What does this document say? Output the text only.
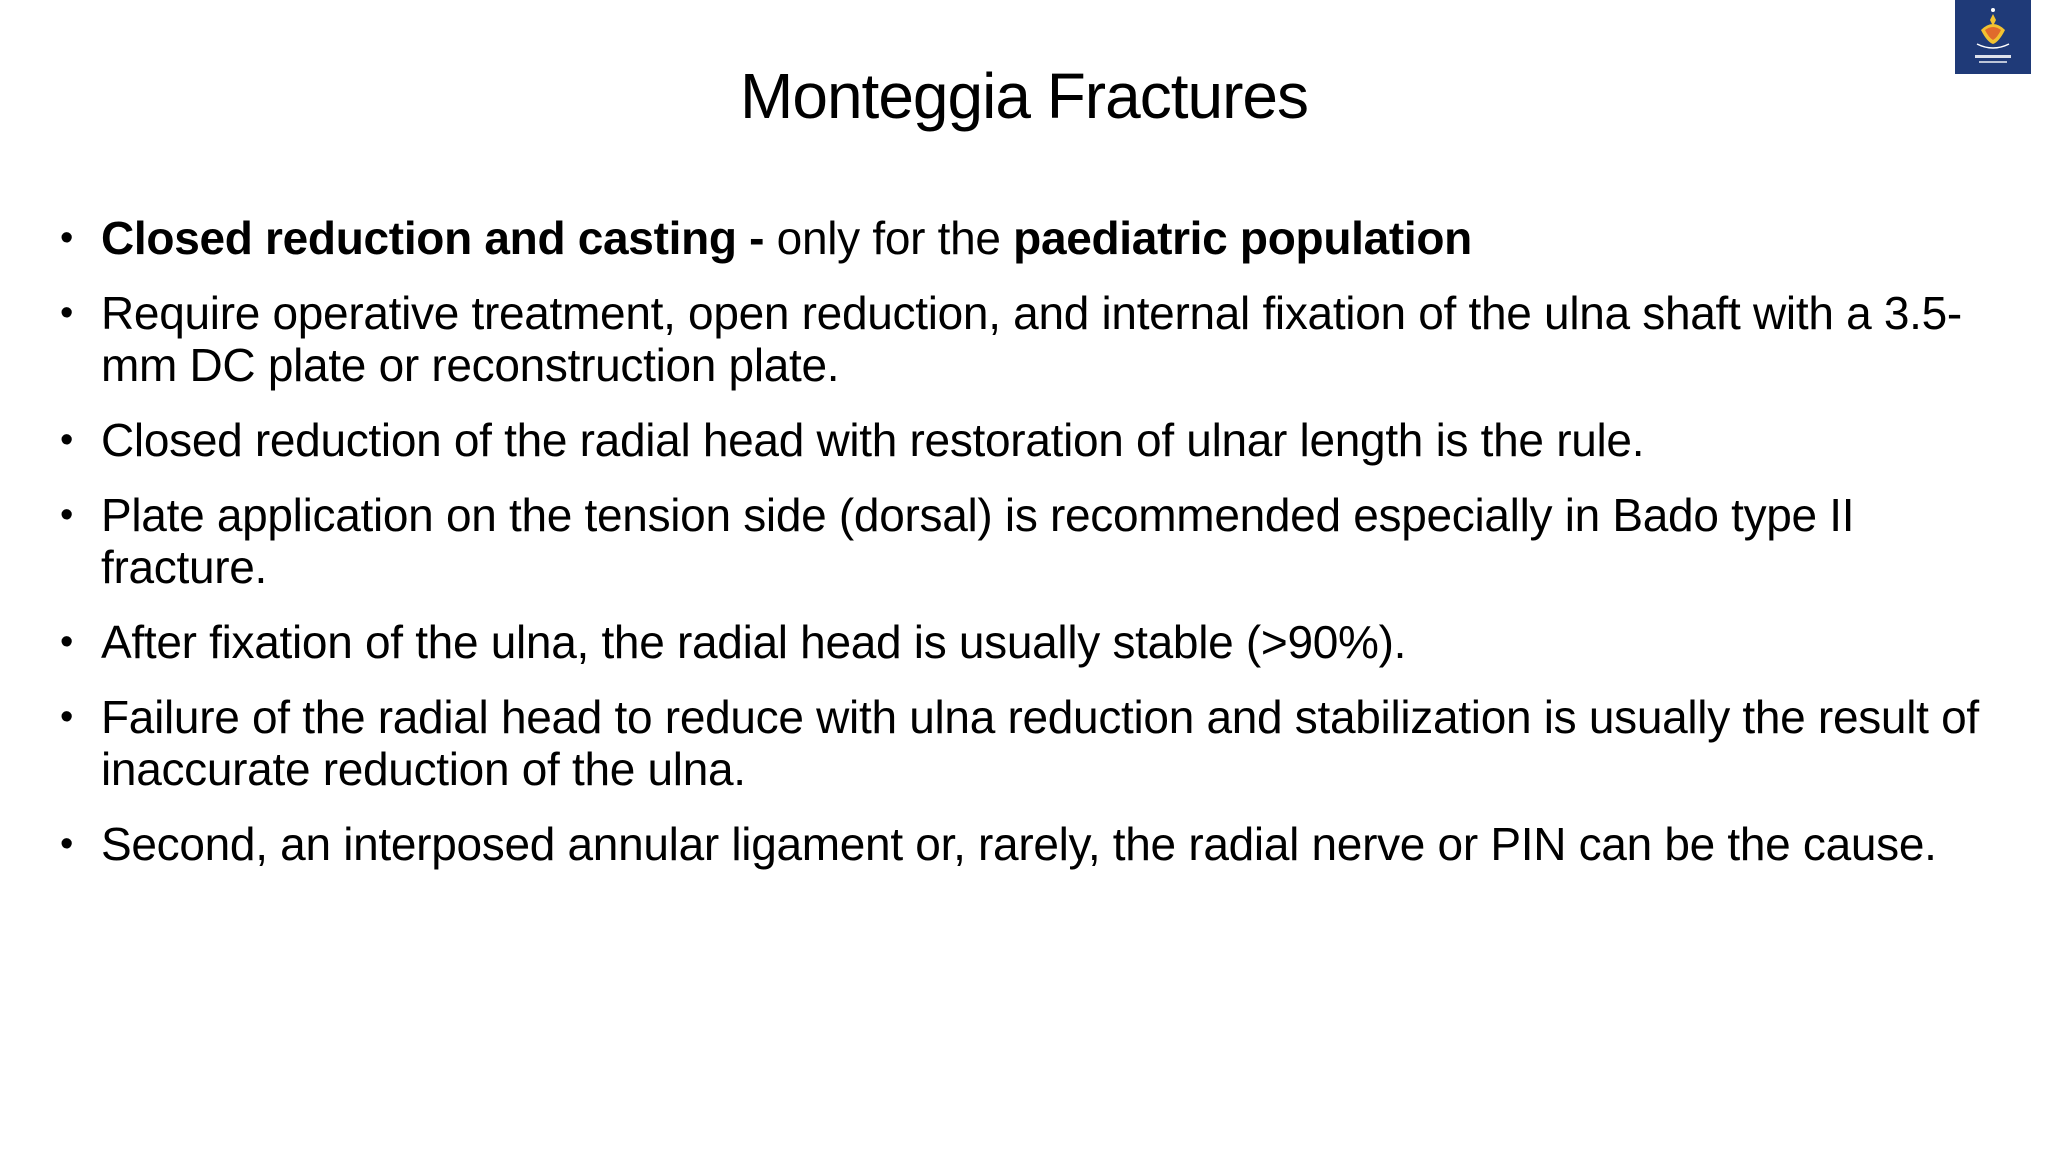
Monteggia Fractures
• Closed reduction and casting - only for the paediatric population
• Require operative treatment, open reduction, and internal fixation of the ulna shaft with a 3.5-mm DC plate or reconstruction plate.
• Closed reduction of the radial head with restoration of ulnar length is the rule.
• Plate application on the tension side (dorsal) is recommended especially in Bado type II fracture.
• After fixation of the ulna, the radial head is usually stable (>90%).
• Failure of the radial head to reduce with ulna reduction and stabilization is usually the result of inaccurate reduction of the ulna.
• Second, an interposed annular ligament or, rarely, the radial nerve or PIN can be the cause.
